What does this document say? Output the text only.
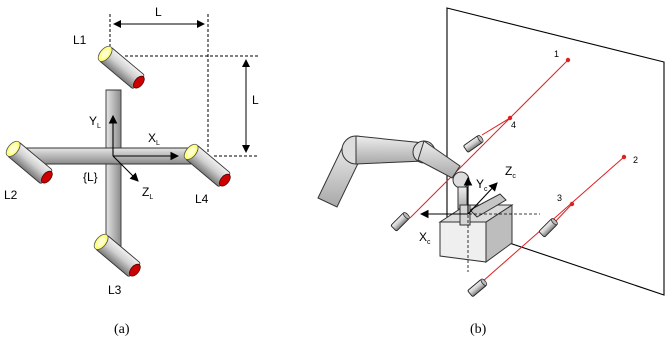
L
L
L1
L2
L3
L4
$Y_L$
$X_L$
$Z_L$
{L}
(a)
1
2
3
4
$Y_c$
$Z_c$
$X_c$
(b)
